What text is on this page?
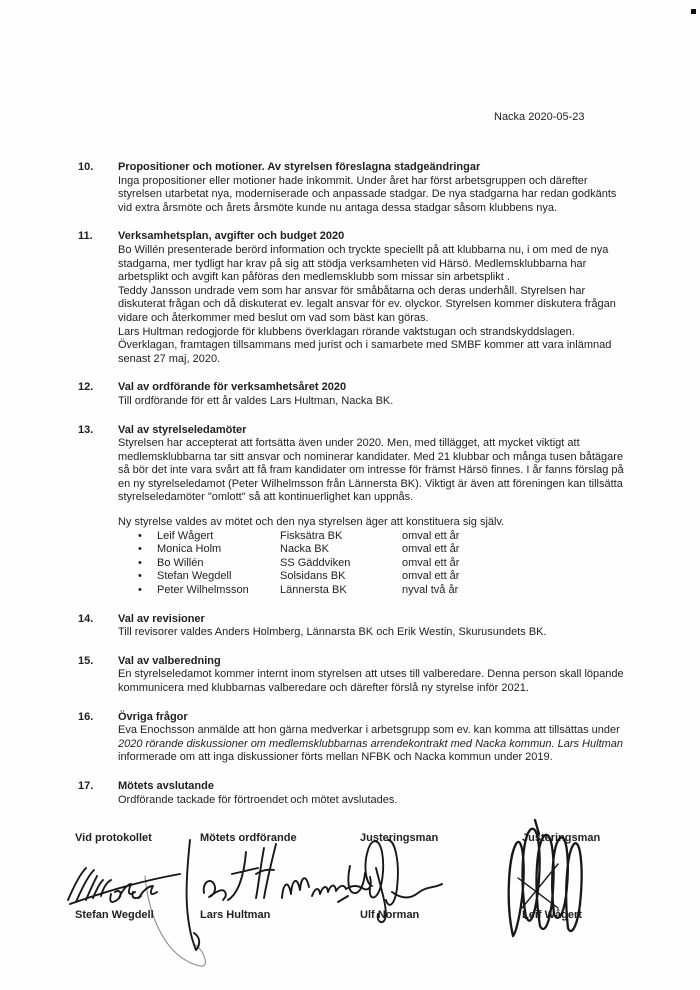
Nacka 2020-05-23
10.	Propositioner och motioner. Av styrelsen föreslagna stadgeändringar
Inga propositioner eller motioner hade inkommit. Under året har först arbetsgruppen och därefter
styrelsen utarbetat nya, moderniserade och anpassade stadgar. De nya stadgarna har redan godkänts
vid extra årsmöte och årets årsmöte kunde nu antaga dessa stadgar såsom klubbens nya.
11.	Verksamhetsplan, avgifter och budget 2020
Bo Willén presenterade berörd information och tryckte speciellt på att klubbarna nu, i om med de nya
stadgarna, mer tydligt har krav på sig att stödja verksamheten vid Härsö. Medlemsklubbarna har
arbetsplikt och avgift kan påföras den medlemsklubb som missar sin arbetsplikt .
Teddy Jansson undrade vem som har ansvar för småbåtarna och deras underhåll. Styrelsen har
diskuterat frågan och då diskuterat ev. legalt ansvar för ev. olyckor. Styrelsen kommer diskutera frågan
vidare och återkommer med beslut om vad som bäst kan göras.
Lars Hultman redogjorde för klubbens överklagan rörande vaktstugan och strandskyddslagen.
Överklagan, framtagen tillsammans med jurist och i samarbete med SMBF kommer att vara inlämnad
senast 27 maj, 2020.
12.	Val av ordförande för verksamhetsåret 2020
Till ordförande för ett år valdes Lars Hultman, Nacka BK.
13.	Val av styrelseledamöter
Styrelsen har accepterat att fortsätta även under 2020. Men, med tillägget, att mycket viktigt att
medlemsklubbarna tar sitt ansvar och nominerar kandidater. Med 21 klubbar och många tusen båtägare
så bör det inte vara svårt att få fram kandidater om intresse för främst Härsö finnes. I år fanns förslag på
en ny styrelseledamot (Peter Wilhelmsson från Lännersta BK). Viktigt är även att föreningen kan tillsätta
styrelseledamöter "omlott" så att kontinuerlighet kan uppnås.
Ny styrelse valdes av mötet och den nya styrelsen äger att konstituera sig själv.
•	Leif Wågert	Fisksätra BK	omval ett år
•	Monica Holm	Nacka BK	omval ett år
•	Bo Willén	SS Gäddviken	omval ett år
•	Stefan Wegdell	Solsidans BK	omval ett år
•	Peter Wilhelmsson	Lännersta BK	nyval två år
14.	Val av revisioner
Till revisorer valdes Anders Holmberg, Lännarsta BK och Erik Westin, Skurusundets BK.
15.	Val av valberedning
En styrelseledamot kommer internt inom styrelsen att utses till valberedare. Denna person skall löpande
kommunicera med klubbarnas valberedare och därefter förslå ny styrelse inför 2021.
16.	Övriga frågor
Eva Enochsson anmälde att hon gärna medverkar i arbetsgrupp som ev. kan komma att tillsättas under
2020 rörande diskussioner om medlemsklubbarnas arrendekontrakt med Nacka kommun. Lars Hultman
informerade om att inga diskussioner förts mellan NFBK och Nacka kommun under 2019.
17.	Mötets avslutande
Ordförande tackade för förtroendet och mötet avslutades.
Vid protokollet	Mötets ordförande	Justeringsman	Justeringsman
Stefan Wegdell	Lars Hultman	Ulf Norman	Leif Wågert
